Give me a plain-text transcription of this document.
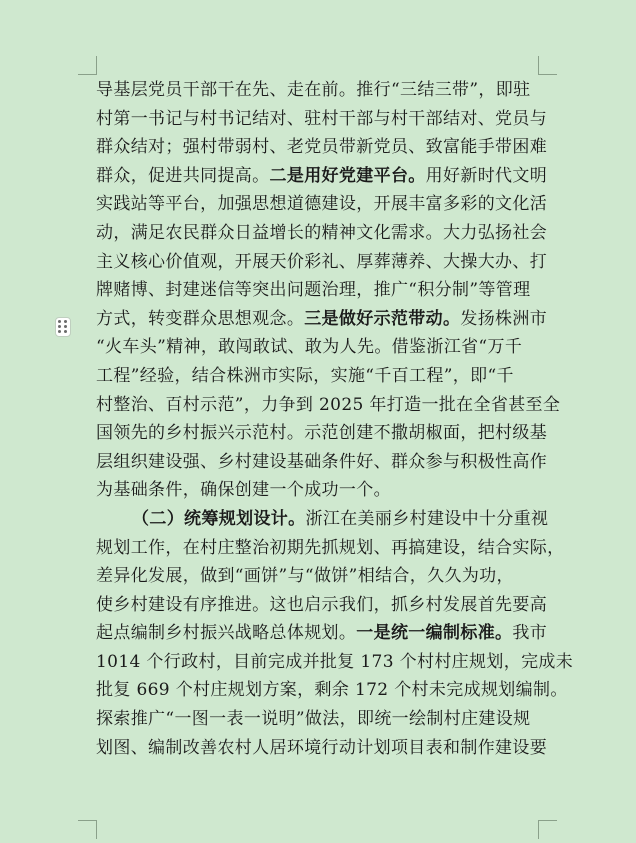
导基层党员干部干在先、走在前。推行“三结三带”，即驻
村第一书记与村书记结对、驻村干部与村干部结对、党员与
群众结对；强村带弱村、老党员带新党员、致富能手带困难
群众，促进共同提高。二是用好党建平台。用好新时代文明
实践站等平台，加强思想道德建设，开展丰富多彩的文化活
动，满足农民群众日益增长的精神文化需求。大力弘扬社会
主义核心价值观，开展天价彩礼、厚葬薄养、大操大办、打
牌赌博、封建迷信等突出问题治理，推广“积分制”等管理
方式，转变群众思想观念。三是做好示范带动。发扬株洲市
“火车头”精神，敢闯敢试、敢为人先。借鉴浙江省“万千
工程”经验，结合株洲市实际，实施“千百工程”，即“千
村整治、百村示范”，力争到 2025 年打造一批在全省甚至全
国领先的乡村振兴示范村。示范创建不撒胡椒面，把村级基
层组织建设强、乡村建设基础条件好、群众参与积极性高作
为基础条件，确保创建一个成功一个。
（二）统筹规划设计。浙江在美丽乡村建设中十分重视
规划工作，在村庄整治初期先抓规划、再搞建设，结合实际，
差异化发展，做到“画饼”与“做饼”相结合，久久为功，
使乡村建设有序推进。这也启示我们，抓乡村发展首先要高
起点编制乡村振兴战略总体规划。一是统一编制标准。我市
1014 个行政村，目前完成并批复 173 个村村庄规划，完成未
批复 669 个村庄规划方案，剩余 172 个村未完成规划编制。
探索推广“一图一表一说明”做法，即统一绘制村庄建设规
划图、编制改善农村人居环境行动计划项目表和制作建设要
